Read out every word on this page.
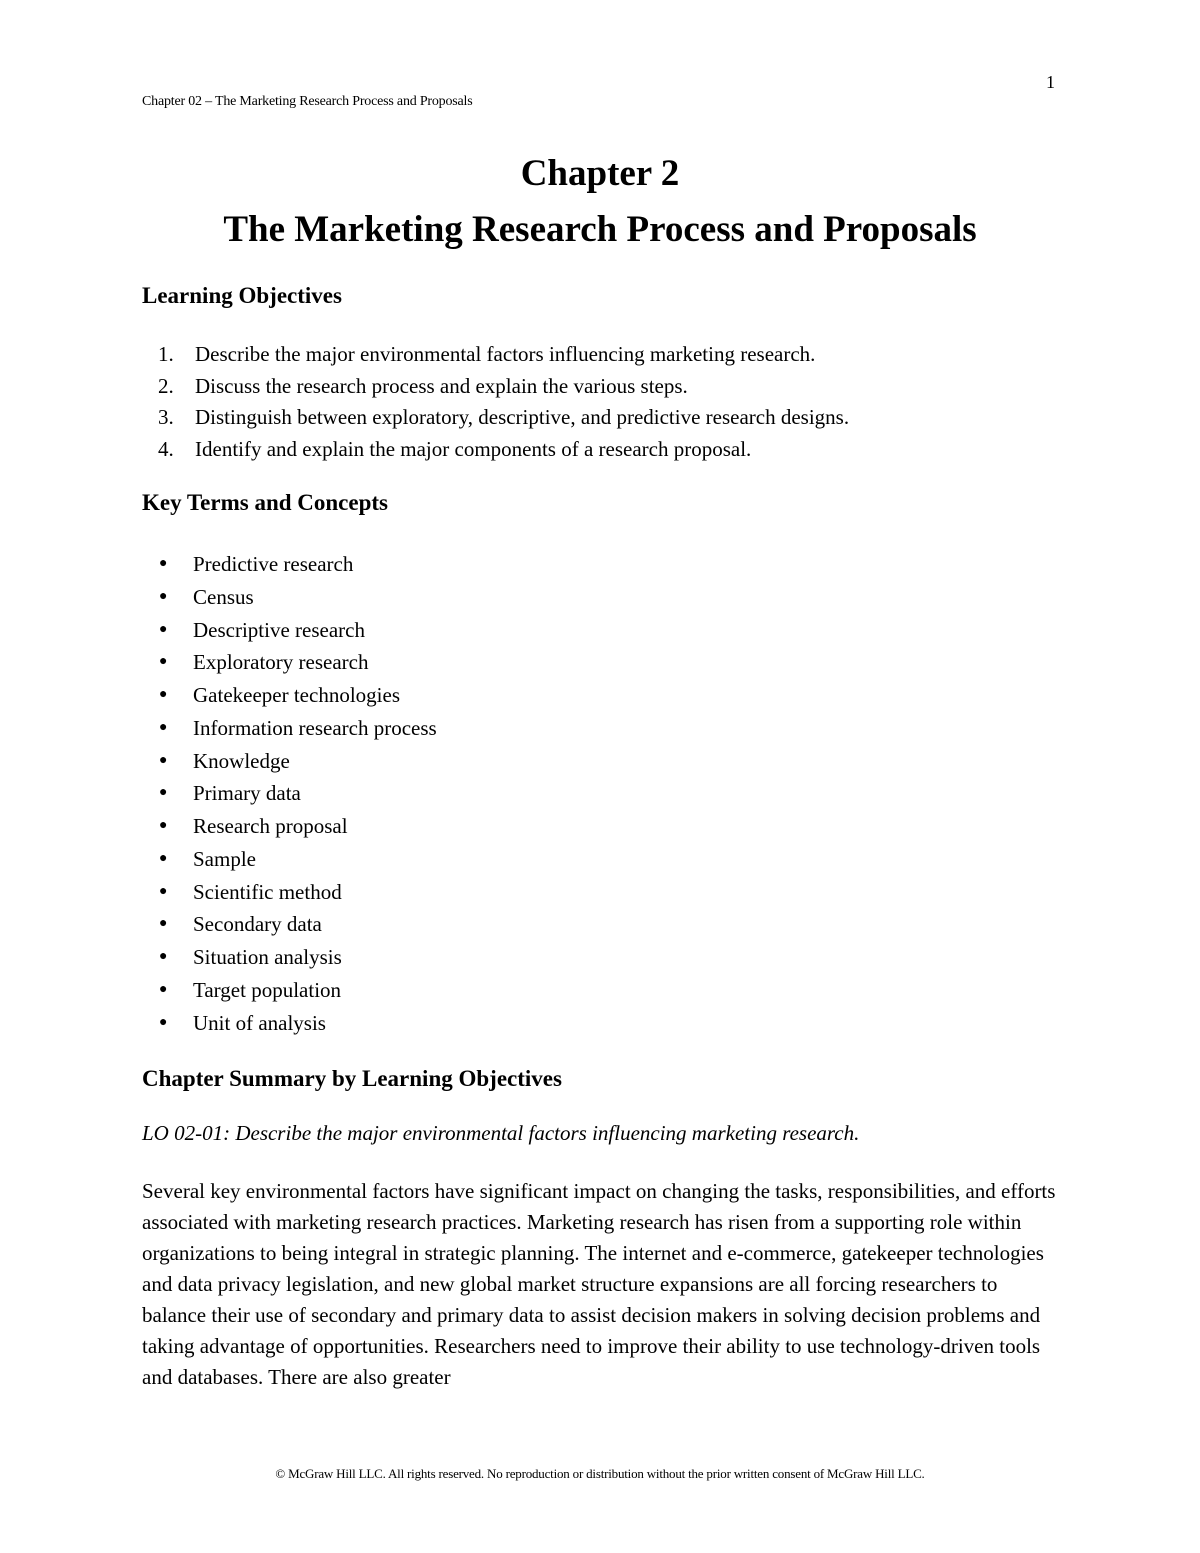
1
Chapter 02 – The Marketing Research Process and Proposals
Chapter 2
The Marketing Research Process and Proposals
Learning Objectives
1. Describe the major environmental factors influencing marketing research.
2. Discuss the research process and explain the various steps.
3. Distinguish between exploratory, descriptive, and predictive research designs.
4. Identify and explain the major components of a research proposal.
Key Terms and Concepts
● Predictive research
● Census
● Descriptive research
● Exploratory research
● Gatekeeper technologies
● Information research process
● Knowledge
● Primary data
● Research proposal
● Sample
● Scientific method
● Secondary data
● Situation analysis
● Target population
● Unit of analysis
Chapter Summary by Learning Objectives
LO 02-01: Describe the major environmental factors influencing marketing research.

Several key environmental factors have significant impact on changing the tasks, responsibilities, and efforts associated with marketing research practices. Marketing research has risen from a supporting role within organizations to being integral in strategic planning. The internet and e-commerce, gatekeeper technologies and data privacy legislation, and new global market structure expansions are all forcing researchers to balance their use of secondary and primary data to assist decision makers in solving decision problems and taking advantage of opportunities. Researchers need to improve their ability to use technology-driven tools and databases. There are also greater

© McGraw Hill LLC. All rights reserved. No reproduction or distribution without the prior written consent of McGraw Hill LLC.
